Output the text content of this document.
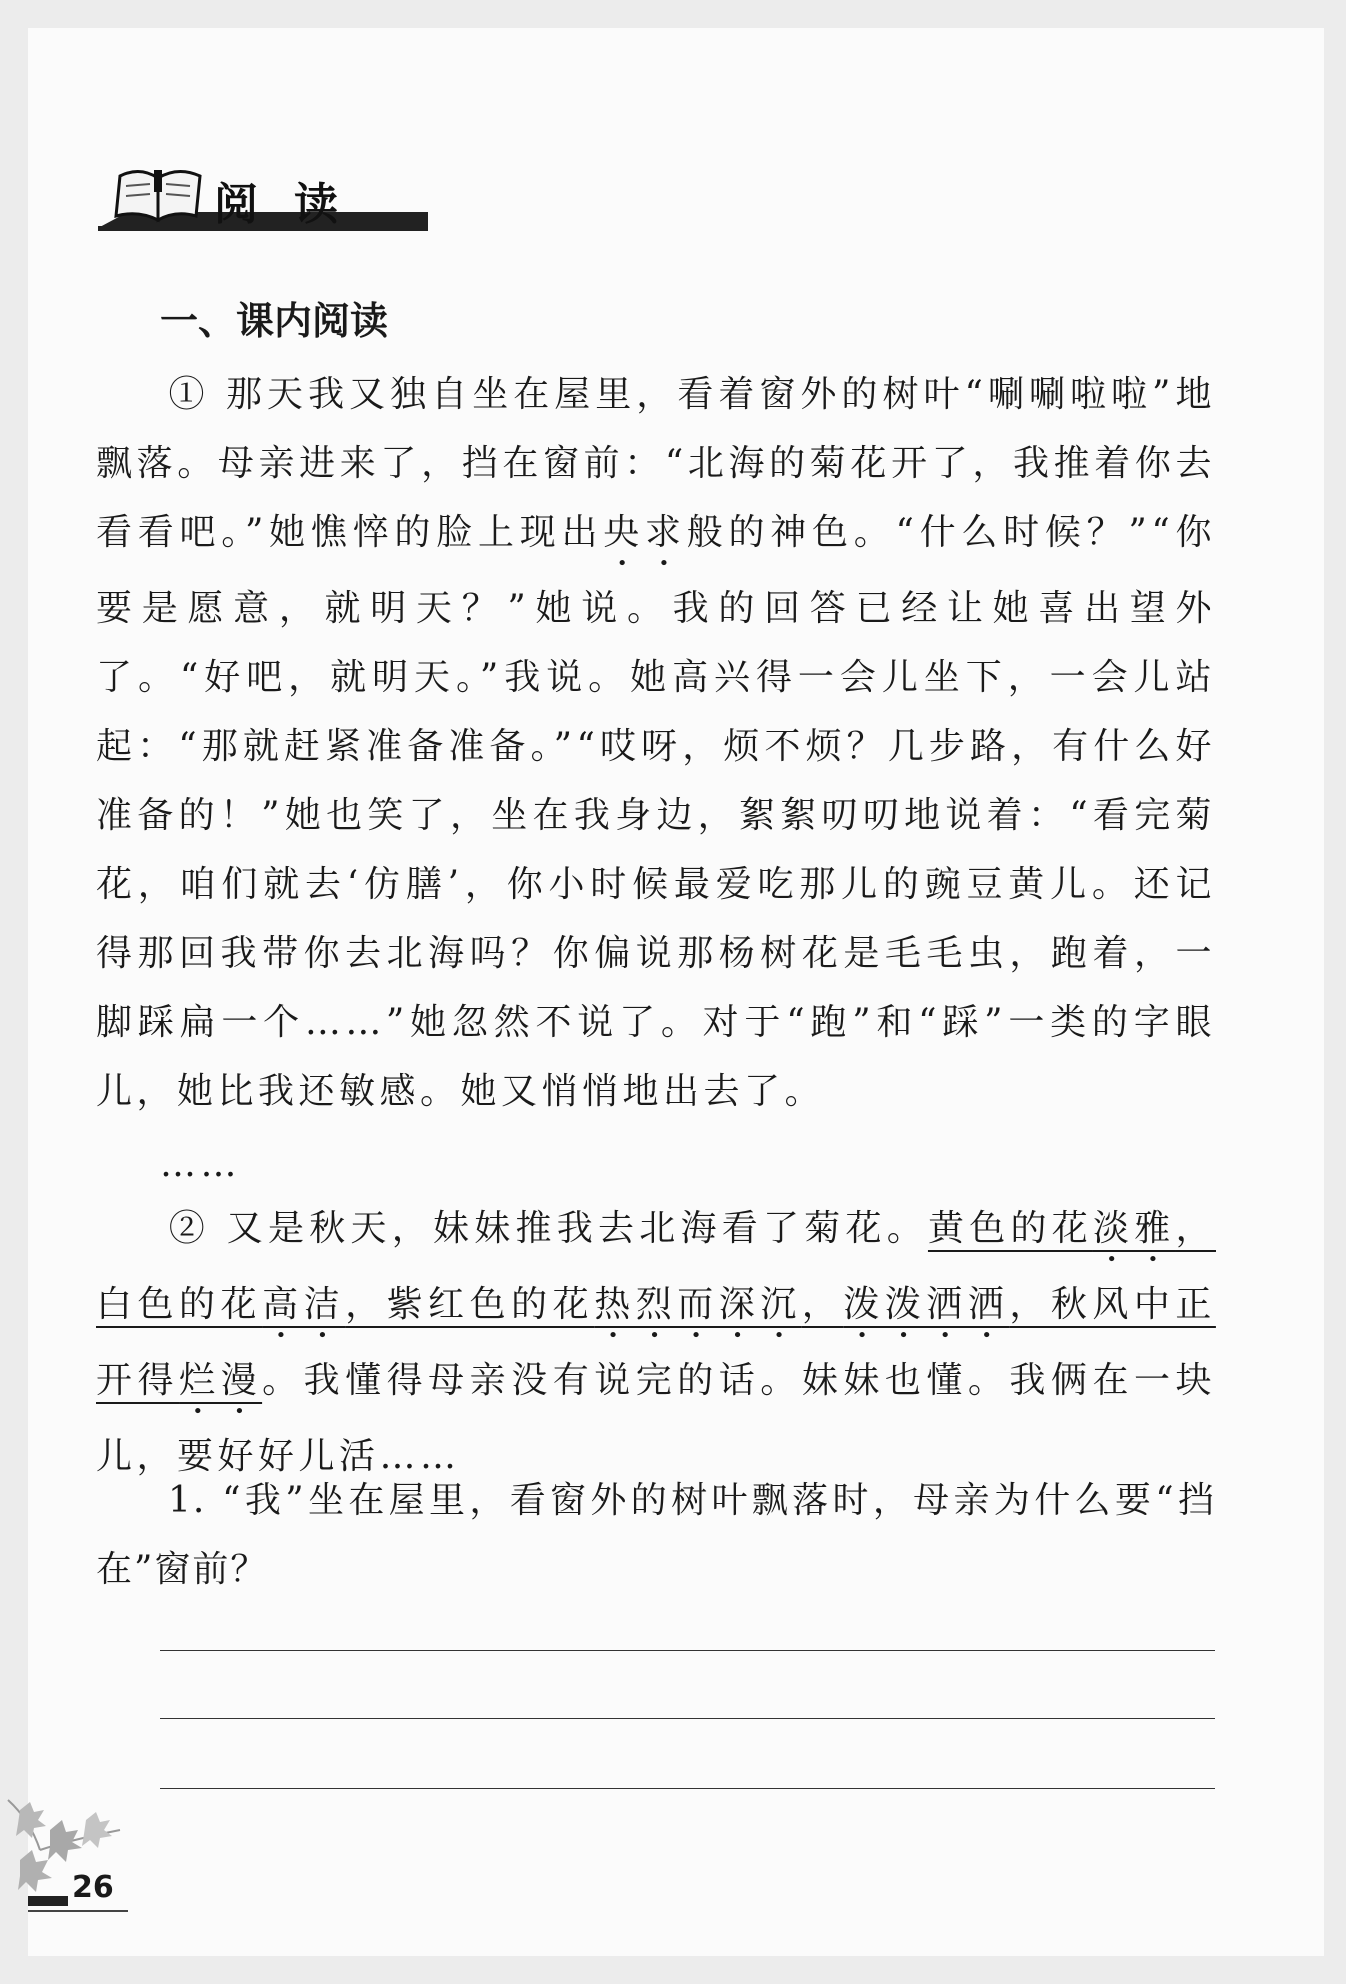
阅读
一、课内阅读

① 那天我又独自坐在屋里，看着窗外的树叶“唰唰啦啦”地飘落。母亲进来了，挡在窗前：“北海的菊花开了，我推着你去看看吧。”她憔悴的脸上现出央求般的神色。“什么时候？”“你要是愿意，就明天？”她说。我的回答已经让她喜出望外了。“好吧，就明天。”我说。她高兴得一会儿坐下，一会儿站起：“那就赶紧准备准备。”“哎呀，烦不烦？几步路，有什么好准备的！”她也笑了，坐在我身边，絮絮叨叨地说着：“看完菊花，咱们就去‘仿膳’，你小时候最爱吃那儿的豌豆黄儿。还记得那回我带你去北海吗？你偏说那杨树花是毛毛虫，跑着，一脚踩扁一个……”她忽然不说了。对于“跑”和“踩”一类的字眼儿，她比我还敏感。她又悄悄地出去了。

……

② 又是秋天，妹妹推我去北海看了菊花。黄色的花淡雅，白色的花高洁，紫红色的花热烈而深沉，泼泼洒洒，秋风中正开得烂漫。我懂得母亲没有说完的话。妹妹也懂。我俩在一块儿，要好好儿活……

1. “我”坐在屋里，看窗外的树叶飘落时，母亲为什么要“挡在”窗前？

26
